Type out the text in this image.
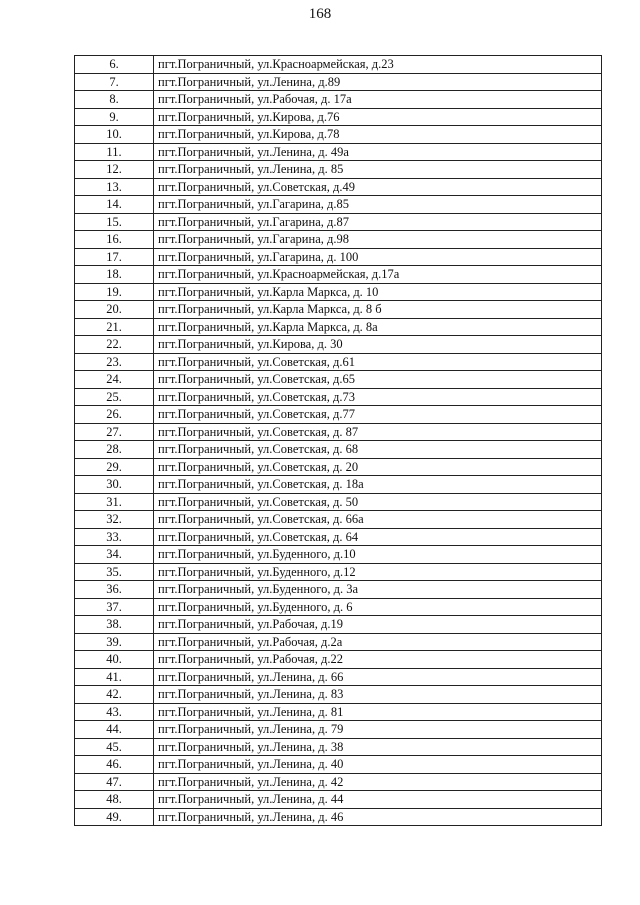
168
6.	пгт.Пограничный, ул.Красноармейская, д.23
7.	пгт.Пограничный, ул.Ленина, д.89
8.	пгт.Пограничный, ул.Рабочая, д. 17а
9.	пгт.Пограничный, ул.Кирова, д.76
10.	пгт.Пограничный, ул.Кирова, д.78
11.	пгт.Пограничный, ул.Ленина, д. 49а
12.	пгт.Пограничный, ул.Ленина, д. 85
13.	пгт.Пограничный, ул.Советская, д.49
14.	пгт.Пограничный, ул.Гагарина, д.85
15.	пгт.Пограничный, ул.Гагарина, д.87
16.	пгт.Пограничный, ул.Гагарина, д.98
17.	пгт.Пограничный, ул.Гагарина, д. 100
18.	пгт.Пограничный, ул.Красноармейская, д.17а
19.	пгт.Пограничный, ул.Карла Маркса, д. 10
20.	пгт.Пограничный, ул.Карла Маркса, д. 8 б
21.	пгт.Пограничный, ул.Карла Маркса, д. 8а
22.	пгт.Пограничный, ул.Кирова, д. 30
23.	пгт.Пограничный, ул.Советская, д.61
24.	пгт.Пограничный, ул.Советская, д.65
25.	пгт.Пограничный, ул.Советская, д.73
26.	пгт.Пограничный, ул.Советская, д.77
27.	пгт.Пограничный, ул.Советская, д. 87
28.	пгт.Пограничный, ул.Советская, д. 68
29.	пгт.Пограничный, ул.Советская, д. 20
30.	пгт.Пограничный, ул.Советская, д. 18а
31.	пгт.Пограничный, ул.Советская, д. 50
32.	пгт.Пограничный, ул.Советская, д. 66а
33.	пгт.Пограничный, ул.Советская, д. 64
34.	пгт.Пограничный, ул.Буденного, д.10
35.	пгт.Пограничный, ул.Буденного, д.12
36.	пгт.Пограничный, ул.Буденного, д. 3а
37.	пгт.Пограничный, ул.Буденного, д. 6
38.	пгт.Пограничный, ул.Рабочая, д.19
39.	пгт.Пограничный, ул.Рабочая, д.2а
40.	пгт.Пограничный, ул.Рабочая, д.22
41.	пгт.Пограничный, ул.Ленина, д. 66
42.	пгт.Пограничный, ул.Ленина, д. 83
43.	пгт.Пограничный, ул.Ленина, д. 81
44.	пгт.Пограничный, ул.Ленина, д. 79
45.	пгт.Пограничный, ул.Ленина, д. 38
46.	пгт.Пограничный, ул.Ленина, д. 40
47.	пгт.Пограничный, ул.Ленина, д. 42
48.	пгт.Пограничный, ул.Ленина, д. 44
49.	пгт.Пограничный, ул.Ленина, д. 46
